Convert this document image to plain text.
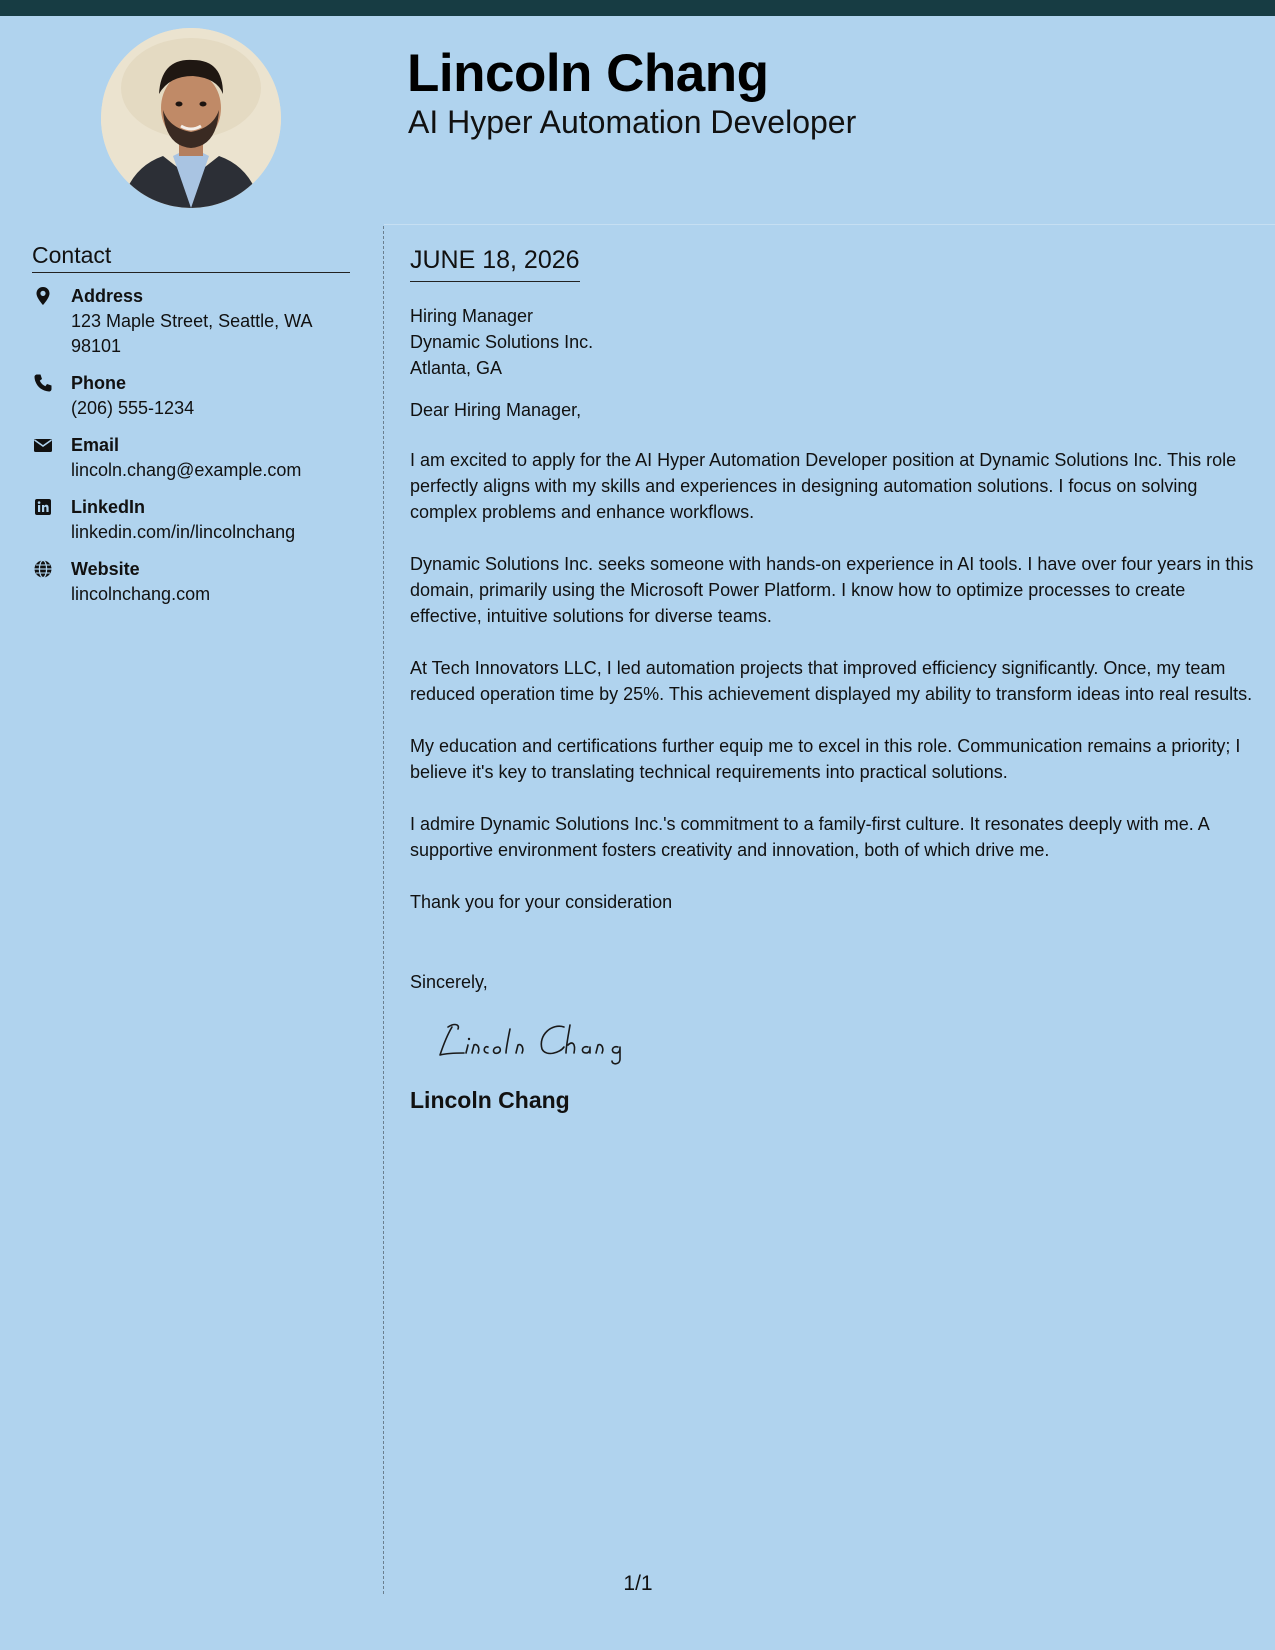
Lincoln Chang
AI Hyper Automation Developer
Contact
Address
123 Maple Street, Seattle, WA 98101
Phone
(206) 555-1234
Email
lincoln.chang@example.com
LinkedIn
linkedin.com/in/lincolnchang
Website
lincolnchang.com
JUNE 18, 2026
Hiring Manager
Dynamic Solutions Inc.
Atlanta, GA

Dear Hiring Manager,

I am excited to apply for the AI Hyper Automation Developer position at Dynamic Solutions Inc. This role perfectly aligns with my skills and experiences in designing automation solutions. I focus on solving complex problems and enhance workflows.

Dynamic Solutions Inc. seeks someone with hands-on experience in AI tools. I have over four years in this domain, primarily using the Microsoft Power Platform. I know how to optimize processes to create effective, intuitive solutions for diverse teams.

At Tech Innovators LLC, I led automation projects that improved efficiency significantly. Once, my team reduced operation time by 25%. This achievement displayed my ability to transform ideas into real results.

My education and certifications further equip me to excel in this role. Communication remains a priority; I believe it's key to translating technical requirements into practical solutions.

I admire Dynamic Solutions Inc.'s commitment to a family-first culture. It resonates deeply with me. A supportive environment fosters creativity and innovation, both of which drive me.

Thank you for your consideration

Sincerely,

Lincoln Chang
1/1
